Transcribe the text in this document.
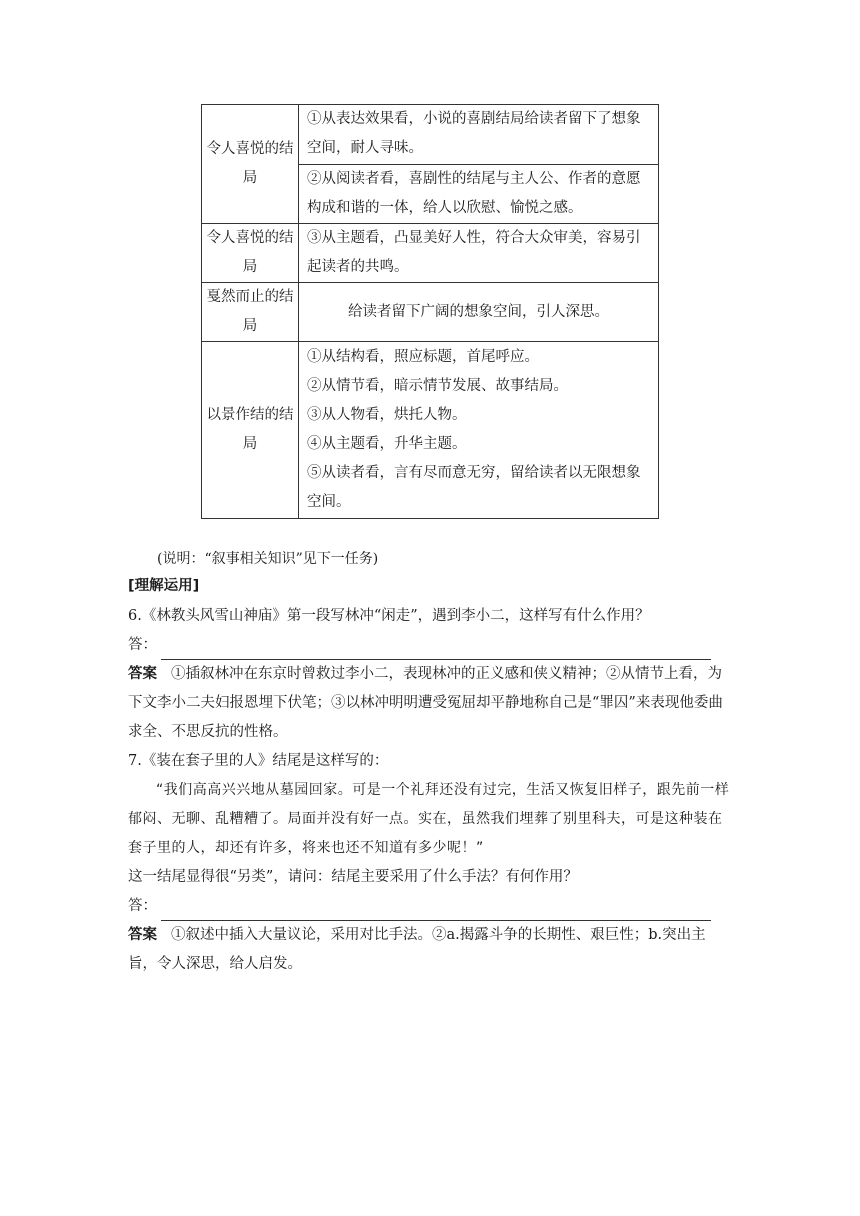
令人喜悦的结局	①从表达效果看，小说的喜剧结局给读者留下了想象空间，耐人寻味。

	②从阅读者看，喜剧性的结尾与主人公、作者的意愿构成和谐的一体，给人以欣慰、愉悦之感。

令人喜悦的结局	③从主题看，凸显美好人性，符合大众审美，容易引起读者的共鸣。

戛然而止的结局	给读者留下广阔的想象空间，引人深思。

以景作结的结局	①从结构看，照应标题，首尾呼应。

②从情节看，暗示情节发展、故事结局。

③从人物看，烘托人物。

④从主题看，升华主题。

⑤从读者看，言有尽而意无穷，留给读者以无限想象空间。

(说明：“叙事相关知识”见下一任务)
[理解运用]
6.《林教头风雪山神庙》第一段写林冲“闲走”，遇到李小二，这样写有什么作用？
答：
答案 ①插叙林冲在东京时曾救过李小二，表现林冲的正义感和侠义精神；②从情节上看，为下文李小二夫妇报恩埋下伏笔；③以林冲明明遭受冤屈却平静地称自己是“罪囚”来表现他委曲求全、不思反抗的性格。
7.《装在套子里的人》结尾是这样写的：
“我们高高兴兴地从墓园回家。可是一个礼拜还没有过完，生活又恢复旧样子，跟先前一样郁闷、无聊、乱糟糟了。局面并没有好一点。实在，虽然我们埋葬了别里科夫，可是这种装在套子里的人，却还有许多，将来也还不知道有多少呢！”
这一结尾显得很“另类”，请问：结尾主要采用了什么手法？有何作用？
答：
答案 ①叙述中插入大量议论，采用对比手法。②a.揭露斗争的长期性、艰巨性；b.突出主旨，令人深思，给人启发。
